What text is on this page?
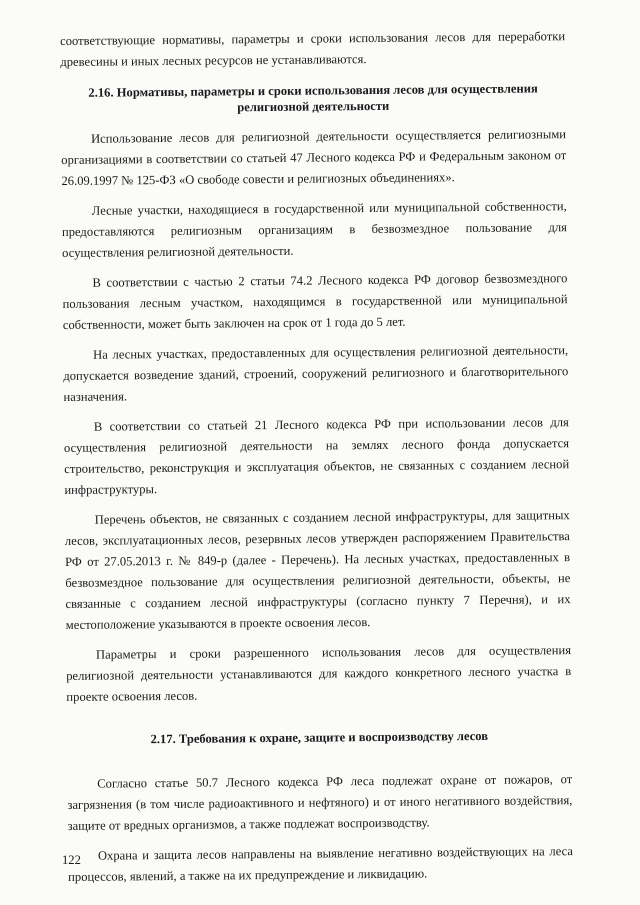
соответствующие нормативы, параметры и сроки использования лесов для переработки древесины и иных лесных ресурсов не устанавливаются.

2.16. Нормативы, параметры и сроки использования лесов для осуществления религиозной деятельности

Использование лесов для религиозной деятельности осуществляется религиозными организациями в соответствии со статьей 47 Лесного кодекса РФ и Федеральным законом от 26.09.1997 № 125-ФЗ «О свободе совести и религиозных объединениях».

Лесные участки, находящиеся в государственной или муниципальной собственности, предоставляются религиозным организациям в безвозмездное пользование для осуществления религиозной деятельности.

В соответствии с частью 2 статьи 74.2 Лесного кодекса РФ договор безвозмездного пользования лесным участком, находящимся в государственной или муниципальной собственности, может быть заключен на срок от 1 года до 5 лет.

На лесных участках, предоставленных для осуществления религиозной деятельности, допускается возведение зданий, строений, сооружений религиозного и благотворительного назначения.

В соответствии со статьей 21 Лесного кодекса РФ при использовании лесов для осуществления религиозной деятельности на землях лесного фонда допускается строительство, реконструкция и эксплуатация объектов, не связанных с созданием лесной инфраструктуры.

Перечень объектов, не связанных с созданием лесной инфраструктуры, для защитных лесов, эксплуатационных лесов, резервных лесов утвержден распоряжением Правительства РФ от 27.05.2013 г. № 849-р (далее - Перечень). На лесных участках, предоставленных в безвозмездное пользование для осуществления религиозной деятельности, объекты, не связанные с созданием лесной инфраструктуры (согласно пункту 7 Перечня), и их местоположение указываются в проекте освоения лесов.

Параметры и сроки разрешенного использования лесов для осуществления религиозной деятельности устанавливаются для каждого конкретного лесного участка в проекте освоения лесов.

2.17. Требования к охране, защите и воспроизводству лесов

Согласно статье 50.7 Лесного кодекса РФ леса подлежат охране от пожаров, от загрязнения (в том числе радиоактивного и нефтяного) и от иного негативного воздействия, защите от вредных организмов, а также подлежат воспроизводству.

Охрана и защита лесов направлены на выявление негативно воздействующих на леса процессов, явлений, а также на их предупреждение и ликвидацию.

122
